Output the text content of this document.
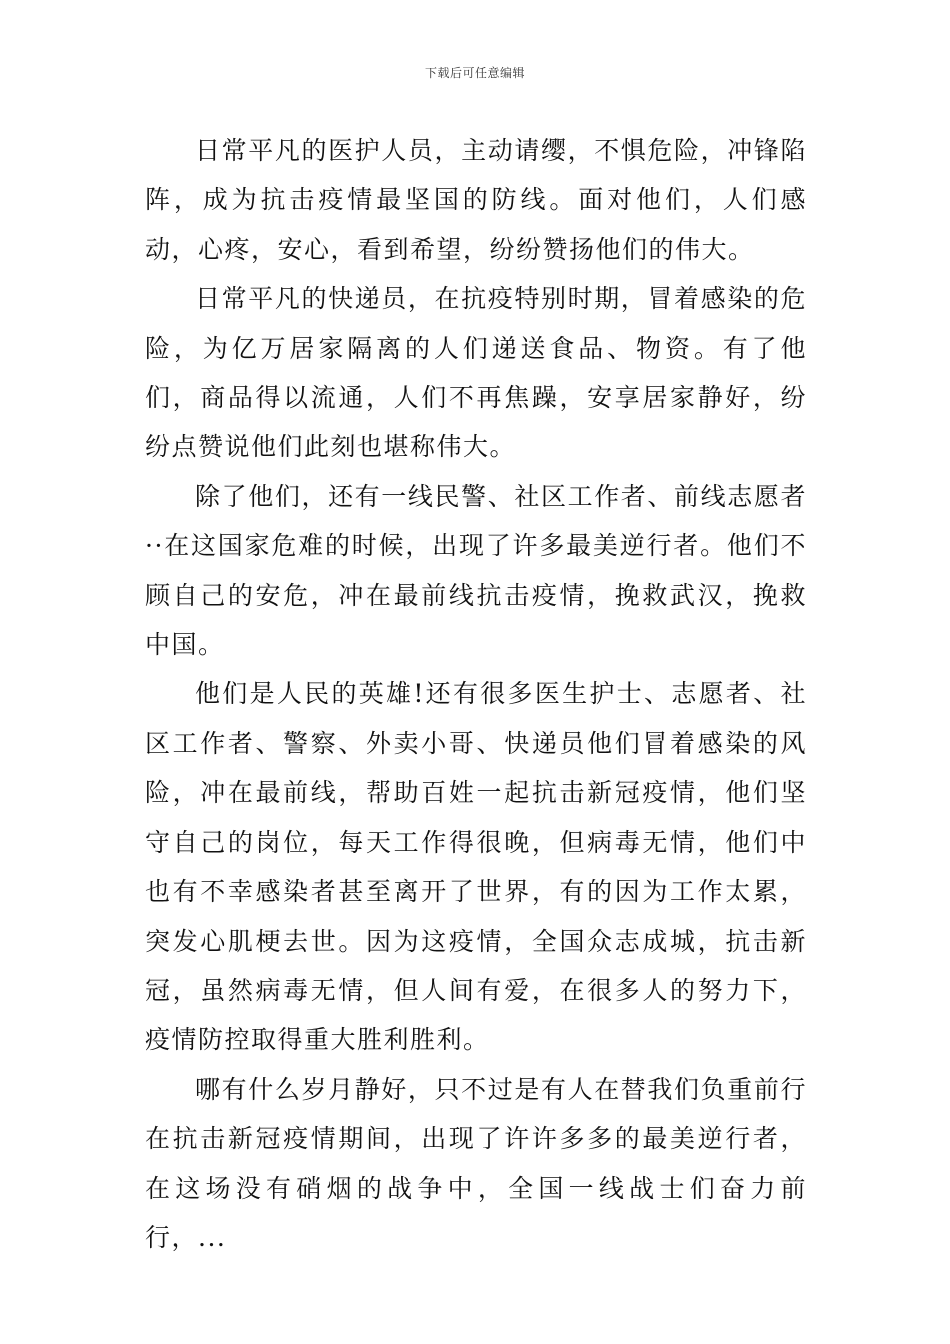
下载后可任意编辑

日常平凡的医护人员，主动请缨，不惧危险，冲锋陷阵，成为抗击疫情最坚国的防线。面对他们，人们感动，心疼，安心，看到希望，纷纷赞扬他们的伟大。

日常平凡的快递员，在抗疫特别时期，冒着感染的危险，为亿万居家隔离的人们递送食品、物资。有了他们，商品得以流通，人们不再焦躁，安享居家静好，纷纷点赞说他们此刻也堪称伟大。

除了他们，还有一线民警、社区工作者、前线志愿者··在这国家危难的时候，出现了许多最美逆行者。他们不顾自己的安危，冲在最前线抗击疫情，挽救武汉，挽救中国。

他们是人民的英雄!还有很多医生护士、志愿者、社区工作者、警察、外卖小哥、快递员他们冒着感染的风险，冲在最前线，帮助百姓一起抗击新冠疫情，他们坚守自己的岗位，每天工作得很晚，但病毒无情，他们中也有不幸感染者甚至离开了世界，有的因为工作太累，突发心肌梗去世。因为这疫情，全国众志成城，抗击新冠，虽然病毒无情，但人间有爱，在很多人的努力下，疫情防控取得重大胜利胜利。

哪有什么岁月静好，只不过是有人在替我们负重前行在抗击新冠疫情期间，出现了许许多多的最美逆行者，在这场没有硝烟的战争中，全国一线战士们奋力前行，...
